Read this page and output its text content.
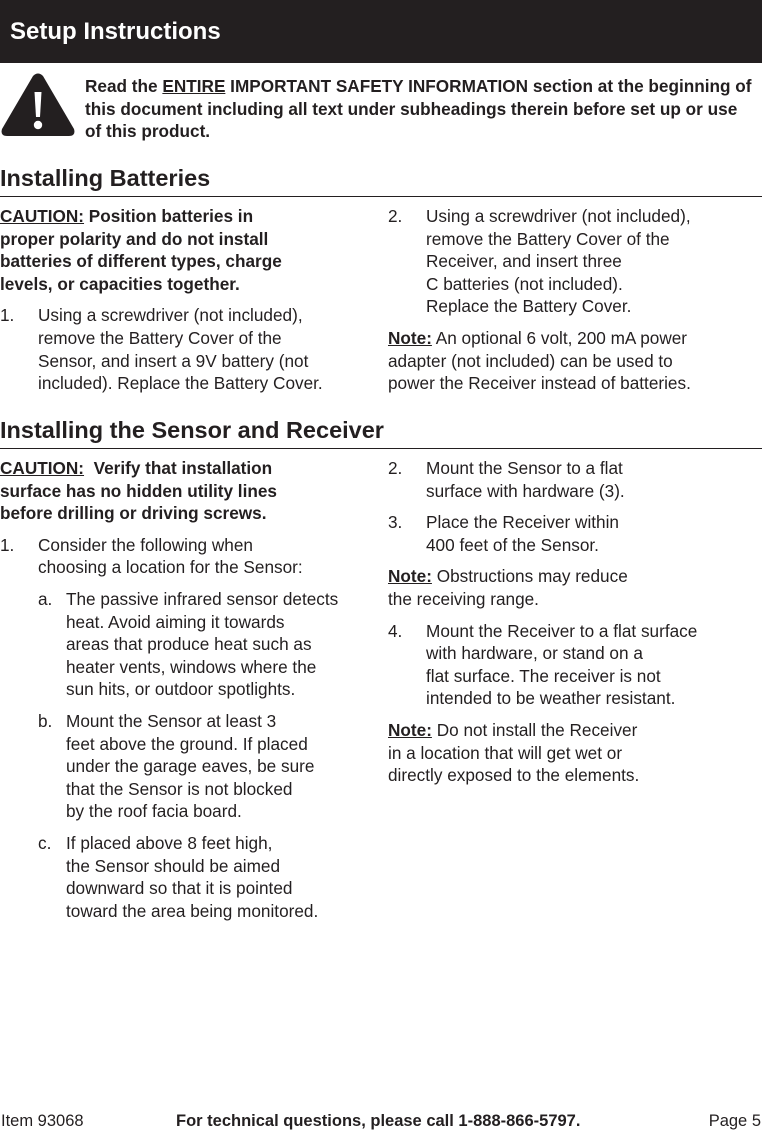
Setup Instructions
Read the ENTIRE IMPORTANT SAFETY INFORMATION section at the beginning of this document including all text under subheadings therein before set up or use of this product.
Installing Batteries

CAUTION: Position batteries in
proper polarity and do not install
batteries of different types, charge
levels, or capacities together.

1. Using a screwdriver (not included),
remove the Battery Cover of the
Sensor, and insert a 9V battery (not
included). Replace the Battery Cover.
2. Using a screwdriver (not included),
remove the Battery Cover of the
Receiver, and insert three
C batteries (not included).
Replace the Battery Cover.

Note: An optional 6 volt, 200 mA power
adapter (not included) can be used to
power the Receiver instead of batteries.

Installing the Sensor and Receiver

CAUTION:  Verify that installation
surface has no hidden utility lines
before drilling or driving screws.

1. Consider the following when
choosing a location for the Sensor:
a. The passive infrared sensor detects
heat. Avoid aiming it towards
areas that produce heat such as
heater vents, windows where the
sun hits, or outdoor spotlights.
b. Mount the Sensor at least 3
feet above the ground. If placed
under the garage eaves, be sure
that the Sensor is not blocked
by the roof facia board.
c. If placed above 8 feet high,
the Sensor should be aimed
downward so that it is pointed
toward the area being monitored.
2. Mount the Sensor to a flat
surface with hardware (3).
3. Place the Receiver within
400 feet of the Sensor.

Note: Obstructions may reduce
the receiving range.

4. Mount the Receiver to a flat surface
with hardware, or stand on a
flat surface. The receiver is not
intended to be weather resistant.

Note: Do not install the Receiver
in a location that will get wet or
directly exposed to the elements.

Item 93068	For technical questions, please call 1-888-866-5797.	Page 5
